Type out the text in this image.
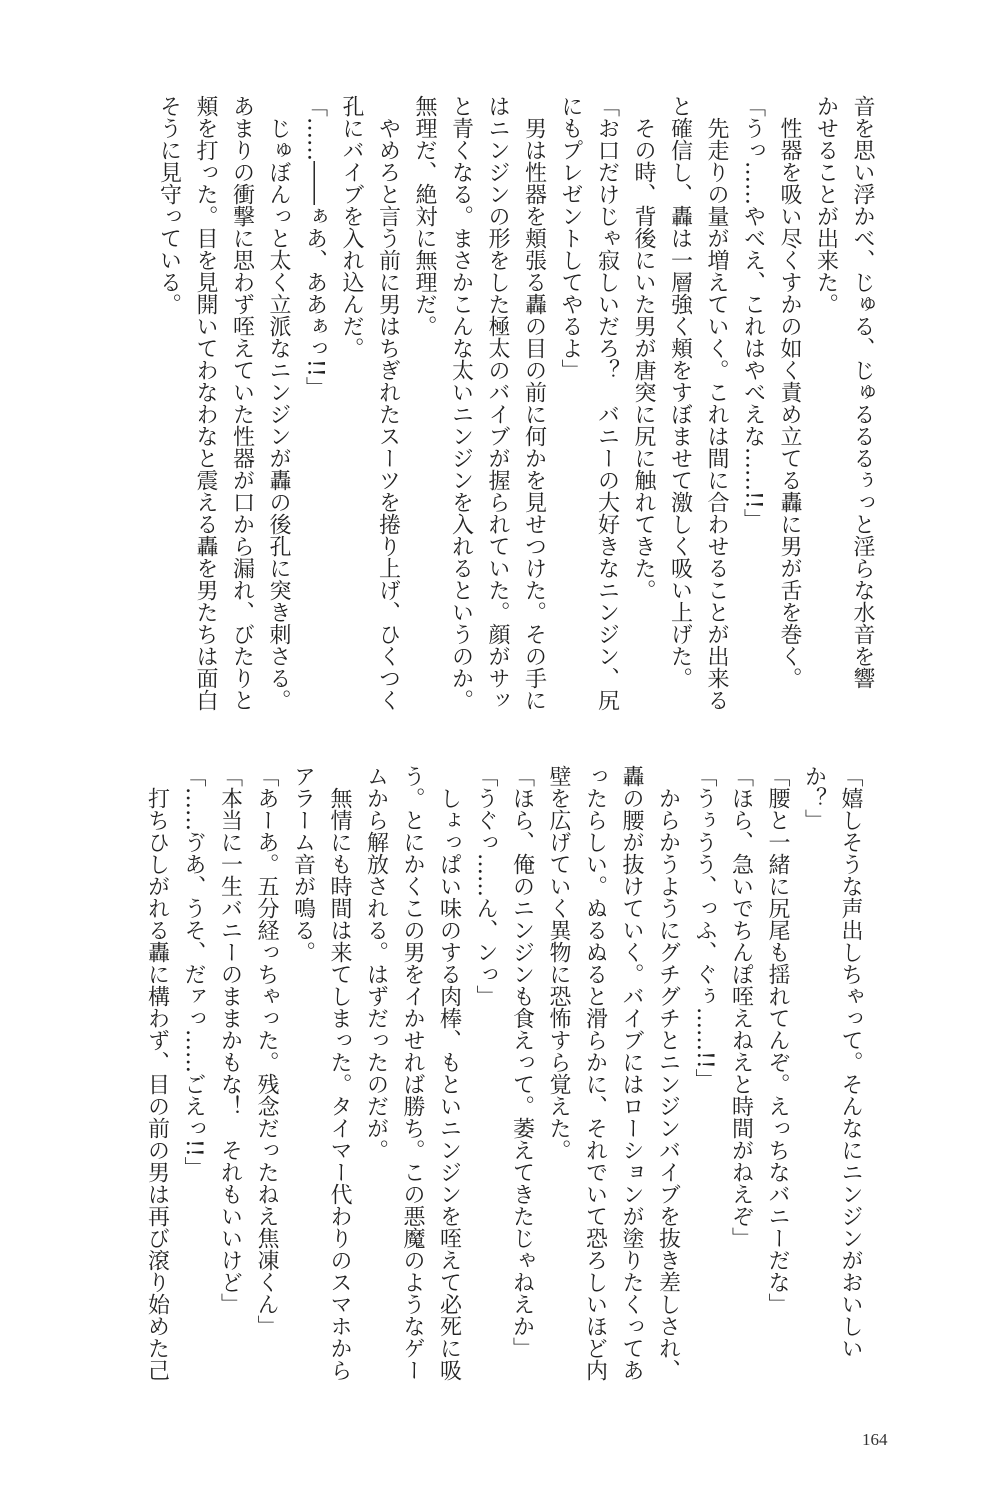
音を思い浮かべ、じゅる、じゅるるるぅっと淫らな水音を響
かせることが出来た。
　性器を吸い尽くすかの如く責め立てる轟に男が舌を巻く。
「うっ……やべえ、これはやべえな……!!」
　先走りの量が増えていく。これは間に合わせることが出来る
と確信し、轟は一層強く頬をすぼませて激しく吸い上げた。
　その時、背後にいた男が唐突に尻に触れてきた。
「お口だけじゃ寂しいだろ？　バニーの大好きなニンジン、尻
にもプレゼントしてやるよ」
　男は性器を頬張る轟の目の前に何かを見せつけた。その手に
はニンジンの形をした極太のバイブが握られていた。顔がサッ
と青くなる。まさかこんな太いニンジンを入れるというのか。
無理だ、絶対に無理だ。
　やめろと言う前に男はちぎれたスーツを捲り上げ、ひくつく
孔にバイブを入れ込んだ。
「……――ぁあ、ああぁっ!!」
　じゅぼんっと太く立派なニンジンが轟の後孔に突き刺さる。
あまりの衝撃に思わず咥えていた性器が口から漏れ、びたりと
頬を打った。目を見開いてわなわなと震える轟を男たちは面白
そうに見守っている。
「嬉しそうな声出しちゃって。そんなにニンジンがおいしい
か？」
「腰と一緒に尻尾も揺れてんぞ。えっちなバニーだな」
「ほら、急いでちんぽ咥えねえと時間がねえぞ」
「うぅうう、っふ、ぐぅ……!!」
　からかうようにグチグチとニンジンバイブを抜き差しされ、
轟の腰が抜けていく。バイブにはローションが塗りたくってあ
ったらしい。ぬるぬると滑らかに、それでいて恐ろしいほど内
壁を広げていく異物に恐怖すら覚えた。
「ほら、俺のニンジンも食えって。萎えてきたじゃねえか」
「うぐっ……ん、ンっ」
　しょっぱい味のする肉棒、もといニンジンを咥えて必死に吸
う。とにかくこの男をイかせれば勝ち。この悪魔のようなゲー
ムから解放される。はずだったのだが。
　無情にも時間は来てしまった。タイマー代わりのスマホから
アラーム音が鳴る。
「あーあ。五分経っちゃった。残念だったねえ焦凍くん」
「本当に一生バニーのままかもな！　それもいいけど」
「……ゔあ、うそ、だァっ……ごえっ!!」
　打ちひしがれる轟に構わず、目の前の男は再び滾り始めた己
164
